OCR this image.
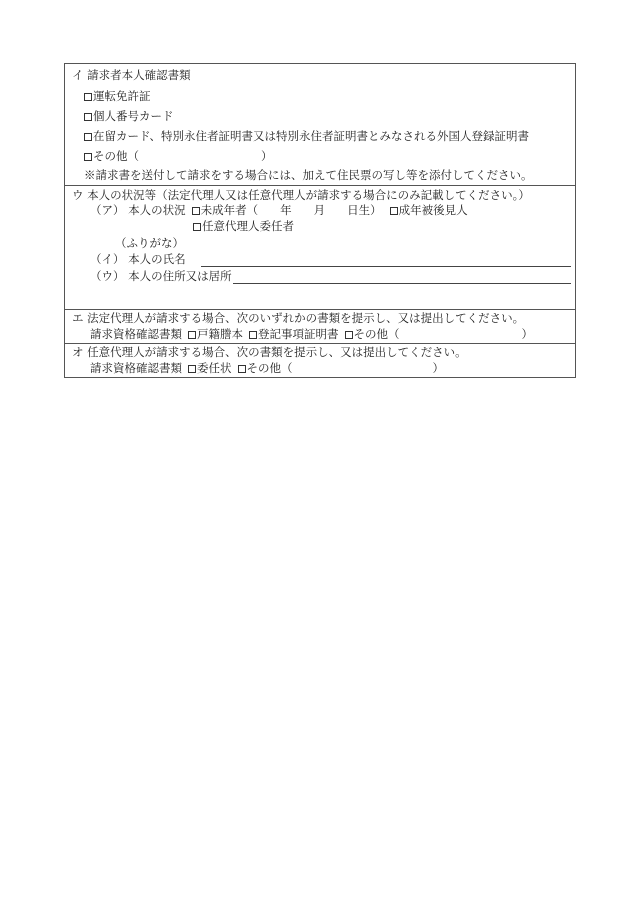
イ 請求者本人確認書類
運転免許証
個人番号カード
在留カード、特別永住者証明書又は特別永住者証明書とみなされる外国人登録証明書
その他（	）
※請求書を送付して請求をする場合には、加えて住民票の写し等を添付してください。
ウ 本人の状況等（法定代理人又は任意代理人が請求する場合にのみ記載してください。）
（ア） 本人の状況 未成年者（ 年 月 日生） 成年被後見人
任意代理人委任者
（ふりがな）
（イ） 本人の氏名
（ウ） 本人の住所又は居所
エ 法定代理人が請求する場合、次のいずれかの書類を提示し、又は提出してください。
請求資格確認書類 戸籍謄本 登記事項証明書 その他（	）
オ 任意代理人が請求する場合、次の書類を提示し、又は提出してください。
請求資格確認書類 委任状 その他（	）
